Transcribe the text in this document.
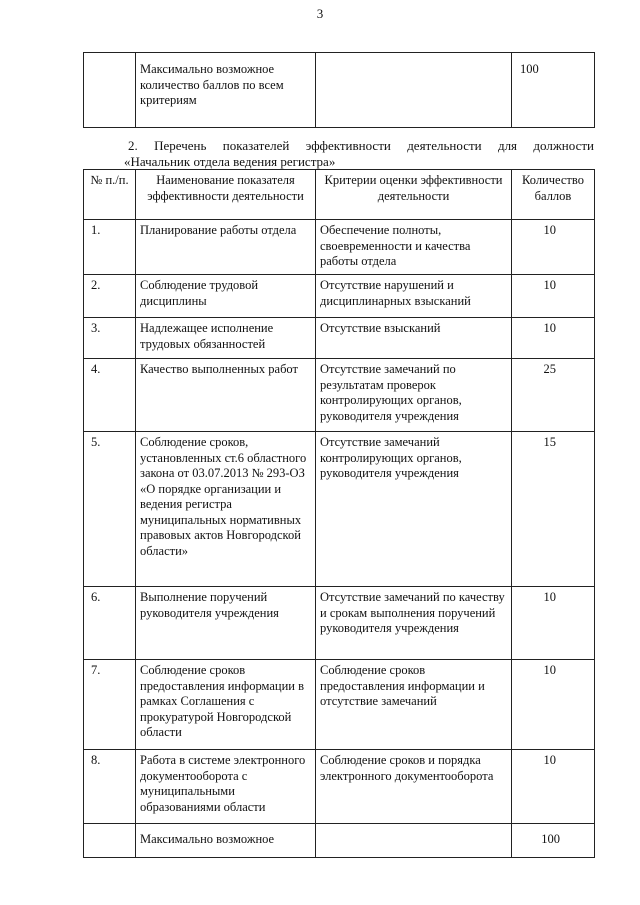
3
	Максимально возможное количество баллов по всем критериям		100
2. Перечень показателей эффективности деятельности для должности
«Начальник отдела ведения регистра»
№ п./п.	Наименование показателя эффективности деятельности	Критерии оценки эффективности деятельности	Количество баллов
1.	Планирование работы отдела	Обеспечение полноты, своевременности и качества работы отдела	10
2.	Соблюдение трудовой дисциплины	Отсутствие нарушений и дисциплинарных взысканий	10
3.	Надлежащее исполнение трудовых обязанностей	Отсутствие взысканий	10
4.	Качество выполненных работ	Отсутствие замечаний по результатам проверок контролирующих органов, руководителя учреждения	25
5.	Соблюдение сроков, установленных ст.6 областного закона от 03.07.2013 № 293-ОЗ «О порядке организации и ведения регистра муниципальных нормативных правовых актов Новгородской области»	Отсутствие замечаний контролирующих органов, руководителя учреждения	15
6.	Выполнение поручений руководителя учреждения	Отсутствие замечаний по качеству и срокам выполнения поручений руководителя учреждения	10
7.	Соблюдение сроков предоставления информации в рамках Соглашения с прокуратурой Новгородской области	Соблюдение сроков предоставления информации и отсутствие замечаний	10
8.	Работа в системе электронного документооборота с муниципальными образованиями области	Соблюдение сроков и порядка электронного документооборота	10
	Максимально возможное		100
